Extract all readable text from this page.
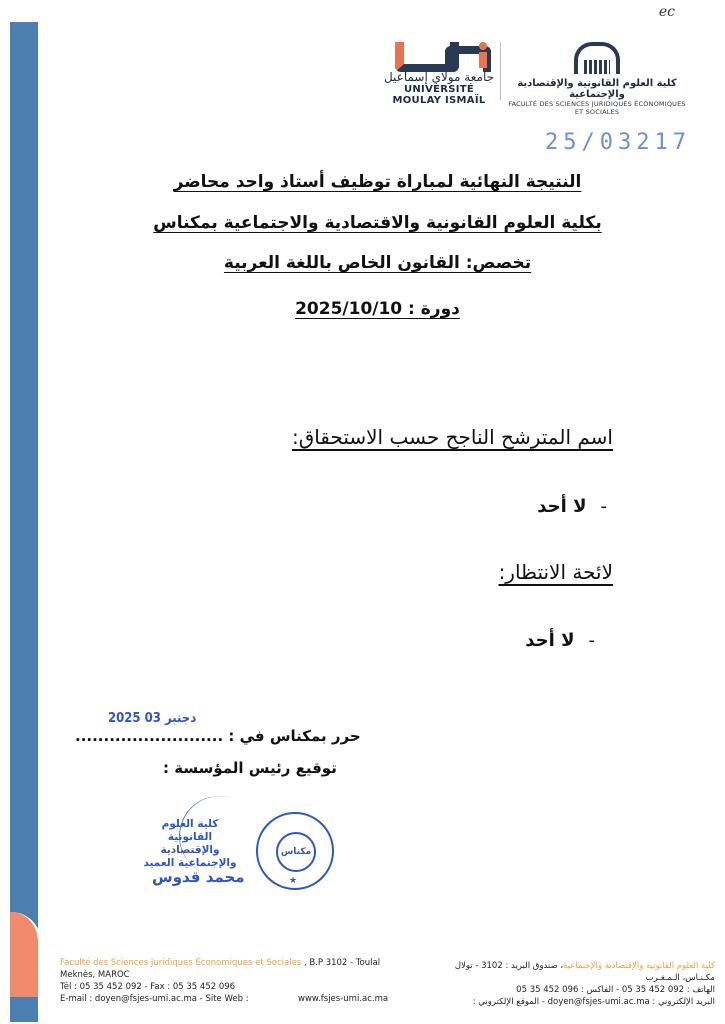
ec
جامعة مولاي إسماعيل
UNIVERSITÉ MOULAY ISMAÏL
كلية العلوم القانونية والإقتصادية والإجتماعية
FACULTÉ DES SCIENCES JURIDIQUES ÉCONOMIQUES ET SOCIALES
25/03217
النتيجة النهائية لمباراة توظيف أستاذ واحد محاضر
بكلية العلوم القانونية والاقتصادية والاجتماعية بمكناس
تخصص: القانون الخاص باللغة العربية
دورة : 2025/10/10
اسم المترشح الناجح حسب الاستحقاق:
-لا أحد
لائحة الانتظار:
-لا أحد
2025 دجنبر 03
حرر بمكناس في : ..........................
توقيع رئيس المؤسسة :
كلية العلوم القانونية والإقتصادية والإجتماعية العميد
محمد قدوس
مكناس
★
Faculté des Sciences Juridiques Économiques et Sociales , B.P 3102 - Toulal
Meknès, MAROC
Tél : 05 35 452 092 - Fax : 05 35 452 096
E-mail : doyen@fsjes-umi.ac.ma - Site Web :	www.fsjes-umi.ac.ma
كلية العلوم القانونية والإقتصادية والإجتماعية، صندوق البريد : 3102 - تولال
مكـنـاس، الـمـغـرب
الهاتف : 092 452 35 05 - الفاكس : 096 452 35 05
البريد الإلكتروني : doyen@fsjes-umi.ac.ma - الموقع الإلكتروني :
